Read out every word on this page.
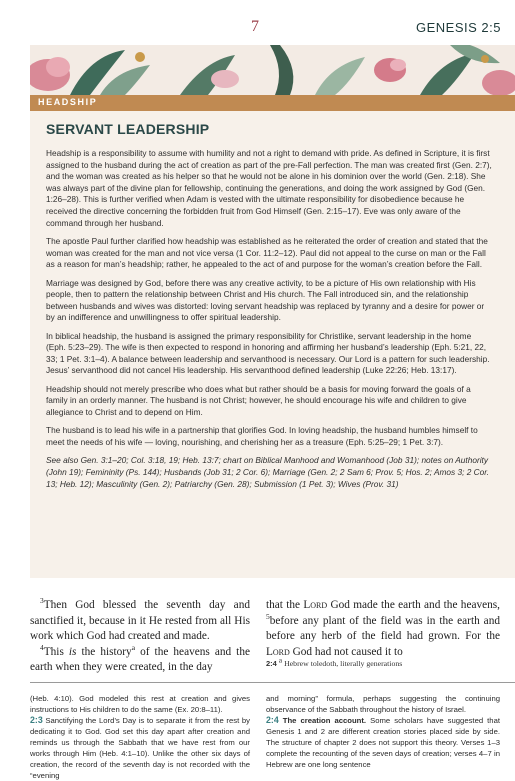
7	GENESIS 2:5
HEADSHIP
SERVANT LEADERSHIP

Headship is a responsibility to assume with humility and not a right to demand with pride. As defined in Scripture, it is first assigned to the husband during the act of creation as part of the pre-Fall perfection. The man was created first (Gen. 2:7), and the woman was created as his helper so that he would not be alone in his dominion over the world (Gen. 2:18). She was always part of the divine plan for fellowship, continuing the generations, and doing the work assigned by God (Gen. 1:26–28). This is further verified when Adam is vested with the ultimate responsibility for disobedience because he received the directive concerning the forbidden fruit from God Himself (Gen. 2:15–17). Eve was only aware of the command through her husband.

The apostle Paul further clarified how headship was established as he reiterated the order of creation and stated that the woman was created for the man and not vice versa (1 Cor. 11:2–12). Paul did not appeal to the curse on man or the Fall as a reason for man’s headship; rather, he appealed to the act of and purpose for the woman’s creation before the Fall.

Marriage was designed by God, before there was any creative activity, to be a picture of His own relationship with His people, then to pattern the relationship between Christ and His church. The Fall introduced sin, and the relationship between husbands and wives was distorted: loving servant headship was replaced by tyranny and a desire for power or by an indifference and unwillingness to offer spiritual leadership.

In biblical headship, the husband is assigned the primary responsibility for Christlike, servant leadership in the home (Eph. 5:23–29). The wife is then expected to respond in honoring and affirming her husband’s leadership (Eph. 5:21, 22, 33; 1 Pet. 3:1–4). A balance between leadership and servanthood is necessary. Our Lord is a pattern for such leadership. Jesus’ servanthood did not cancel His leadership. His servanthood defined leadership (Luke 22:26; Heb. 13:17).

Headship should not merely prescribe who does what but rather should be a basis for moving forward the goals of a family in an orderly manner. The husband is not Christ; however, he should encourage his wife and children to give allegiance to Christ and to depend on Him.

The husband is to lead his wife in a partnership that glorifies God. In loving headship, the husband humbles himself to meet the needs of his wife — loving, nourishing, and cherishing her as a treasure (Eph. 5:25–29; 1 Pet. 3:7).

See also Gen. 3:1–20; Col. 3:18, 19; Heb. 13:7; chart on Biblical Manhood and Womanhood (Job 31); notes on Authority (John 19); Femininity (Ps. 144); Husbands (Job 31; 2 Cor. 6); Marriage (Gen. 2; 2 Sam 6; Prov. 5; Hos. 2; Amos 3; 2 Cor. 13; Heb. 12); Masculinity (Gen. 2); Patriarchy (Gen. 28); Submission (1 Pet. 3); Wives (Prov. 31)

$^3$Then God blessed the seventh day and sanctified it, because in it He rested from all His work which God had created and made.

$^4$This is the history$^a$ of the heavens and the earth when they were created, in the day

that the Lord God made the earth and the heavens, $^5$before any plant of the field was in the earth and before any herb of the field had grown. For the Lord God had not caused it to

2:4 a Hebrew toledoth, literally generations

(Heb. 4:10). God modeled this rest at creation and gives instructions to His children to do the same (Ex. 20:8–11).

2:3 Sanctifying the Lord’s Day is to separate it from the rest by dedicating it to God. God set this day apart after creation and reminds us through the Sabbath that we have rest from our works through Him (Heb. 4:1–10). Unlike the other six days of creation, the record of the seventh day is not recorded with the “evening

and morning” formula, perhaps suggesting the continuing observance of the Sabbath throughout the history of Israel.

2:4 The creation account. Some scholars have suggested that Genesis 1 and 2 are different creation stories placed side by side. The structure of chapter 2 does not support this theory. Verses 1–3 complete the recounting of the seven days of creation; verses 4–7 in Hebrew are one long sentence
